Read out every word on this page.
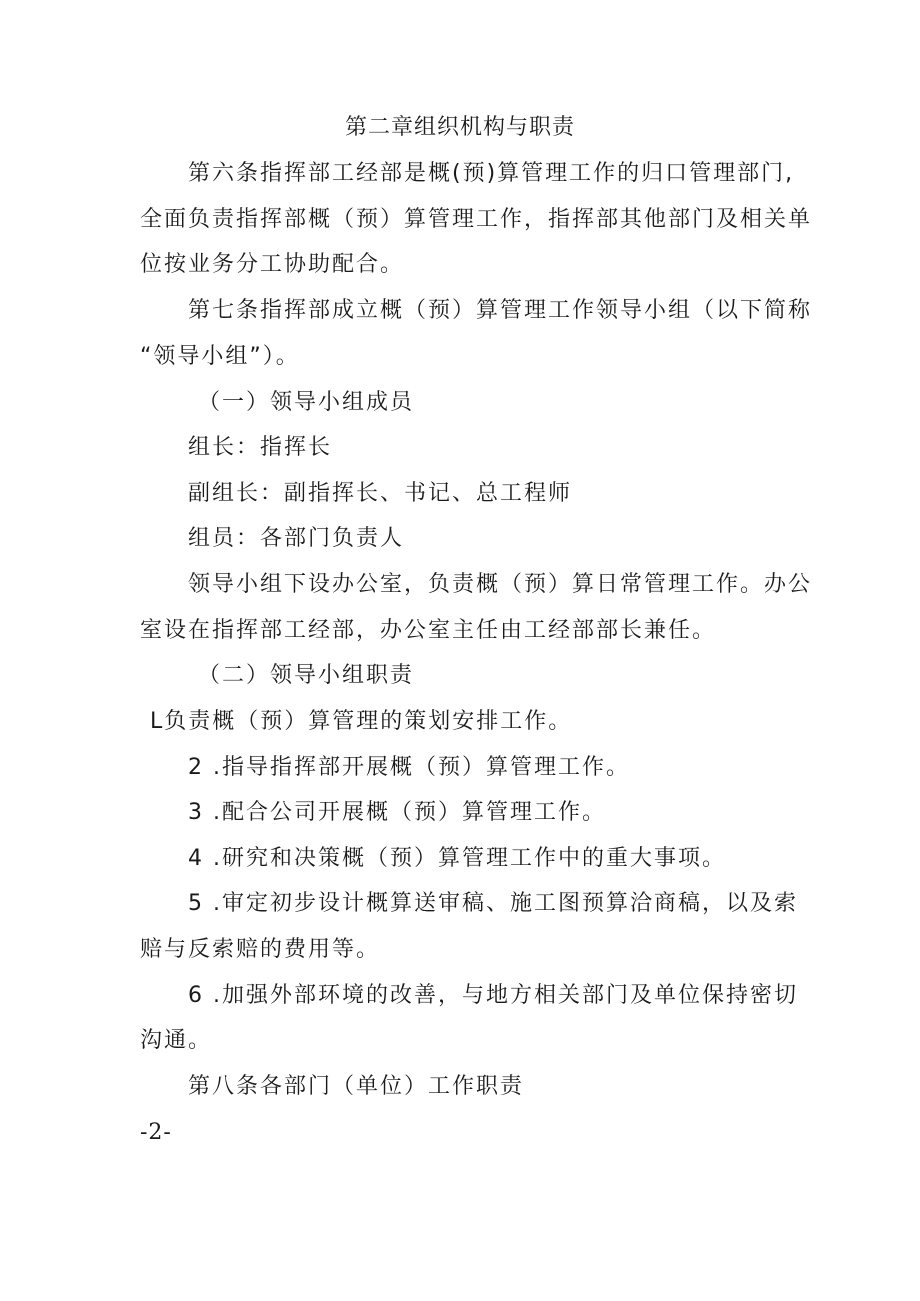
第二章组织机构与职责
第六条指挥部工经部是概(预)算管理工作的归口管理部门,
全面负责指挥部概（预）算管理工作，指挥部其他部门及相关单
位按业务分工协助配合。
第七条指挥部成立概（预）算管理工作领导小组（以下简称
“领导小组”）。
（一）领导小组成员
组长：指挥长
副组长：副指挥长、书记、总工程师
组员：各部门负责人
领导小组下设办公室，负责概（预）算日常管理工作。办公
室设在指挥部工经部，办公室主任由工经部部长兼任。
（二）领导小组职责
L负责概（预）算管理的策划安排工作。
2 .指导指挥部开展概（预）算管理工作。
3 .配合公司开展概（预）算管理工作。
4 .研究和决策概（预）算管理工作中的重大事项。
5 .审定初步设计概算送审稿、施工图预算洽商稿，以及索
赔与反索赔的费用等。
6 .加强外部环境的改善，与地方相关部门及单位保持密切
沟通。
第八条各部门（单位）工作职责
-2-
